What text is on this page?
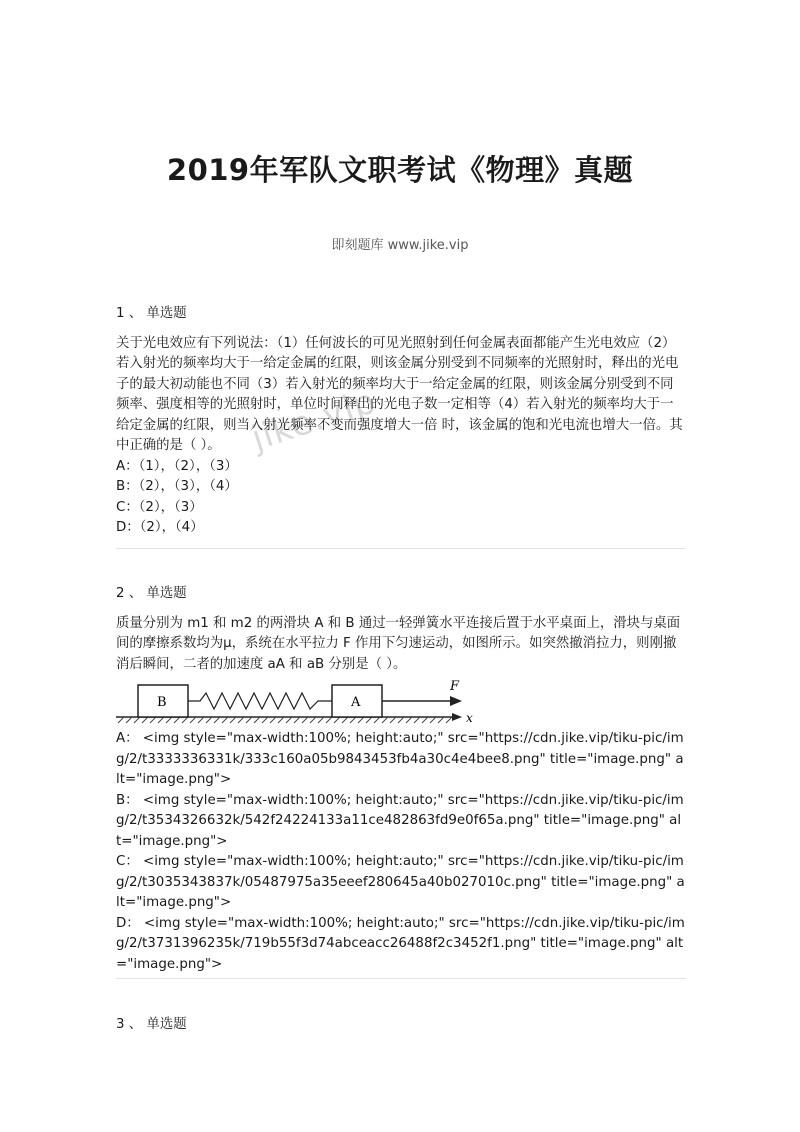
2019年军队文职考试《物理》真题
即刻题库 www.jike.vip
jike.vip
1 、 单选题

关于光电效应有下列说法：（1）任何波长的可见光照射到任何金属表面都能产生光电效应（2）若入射光的频率均大于一给定金属的红限，则该金属分别受到不同频率的光照射时，释出的光电子的最大初动能也不同（3）若入射光的频率均大于一给定金属的红限，则该金属分别受到不同频率、强度相等的光照射时，单位时间释出的光电子数一定相等（4）若入射光的频率均大于一给定金属的红限，则当入射光频率不变而强度增大一倍 时，该金属的饱和光电流也增大一倍。其中正确的是（ ）。

A：（1），（2），（3）
B：（2），（3），（4）
C：（2），（3）
D：（2），（4）
2 、 单选题

质量分别为 m1 和 m2 的两滑块 A 和 B 通过一轻弹簧水平连接后置于水平桌面上，滑块与桌面间的摩擦系数均为μ，系统在水平拉力 F 作用下匀速运动，如图所示。如突然撤消拉力，则刚撤消后瞬间，二者的加速度 aA 和 aB 分别是（ ）。

x
B	A
F
A： <img style="max-width:100%; height:auto;" src="https://cdn.jike.vip/tiku-pic/img/2/t3333336331k/333c160a05b9843453fb4a30c4e4bee8.png" title="image.png" alt="image.png">
B： <img style="max-width:100%; height:auto;" src="https://cdn.jike.vip/tiku-pic/img/2/t3534326632k/542f24224133a11ce482863fd9e0f65a.png" title="image.png" alt="image.png">
C： <img style="max-width:100%; height:auto;" src="https://cdn.jike.vip/tiku-pic/img/2/t3035343837k/05487975a35eeef280645a40b027010c.png" title="image.png" alt="image.png">
D： <img style="max-width:100%; height:auto;" src="https://cdn.jike.vip/tiku-pic/img/2/t3731396235k/719b55f3d74abceacc26488f2c3452f1.png" title="image.png" alt="image.png">
3 、 单选题
